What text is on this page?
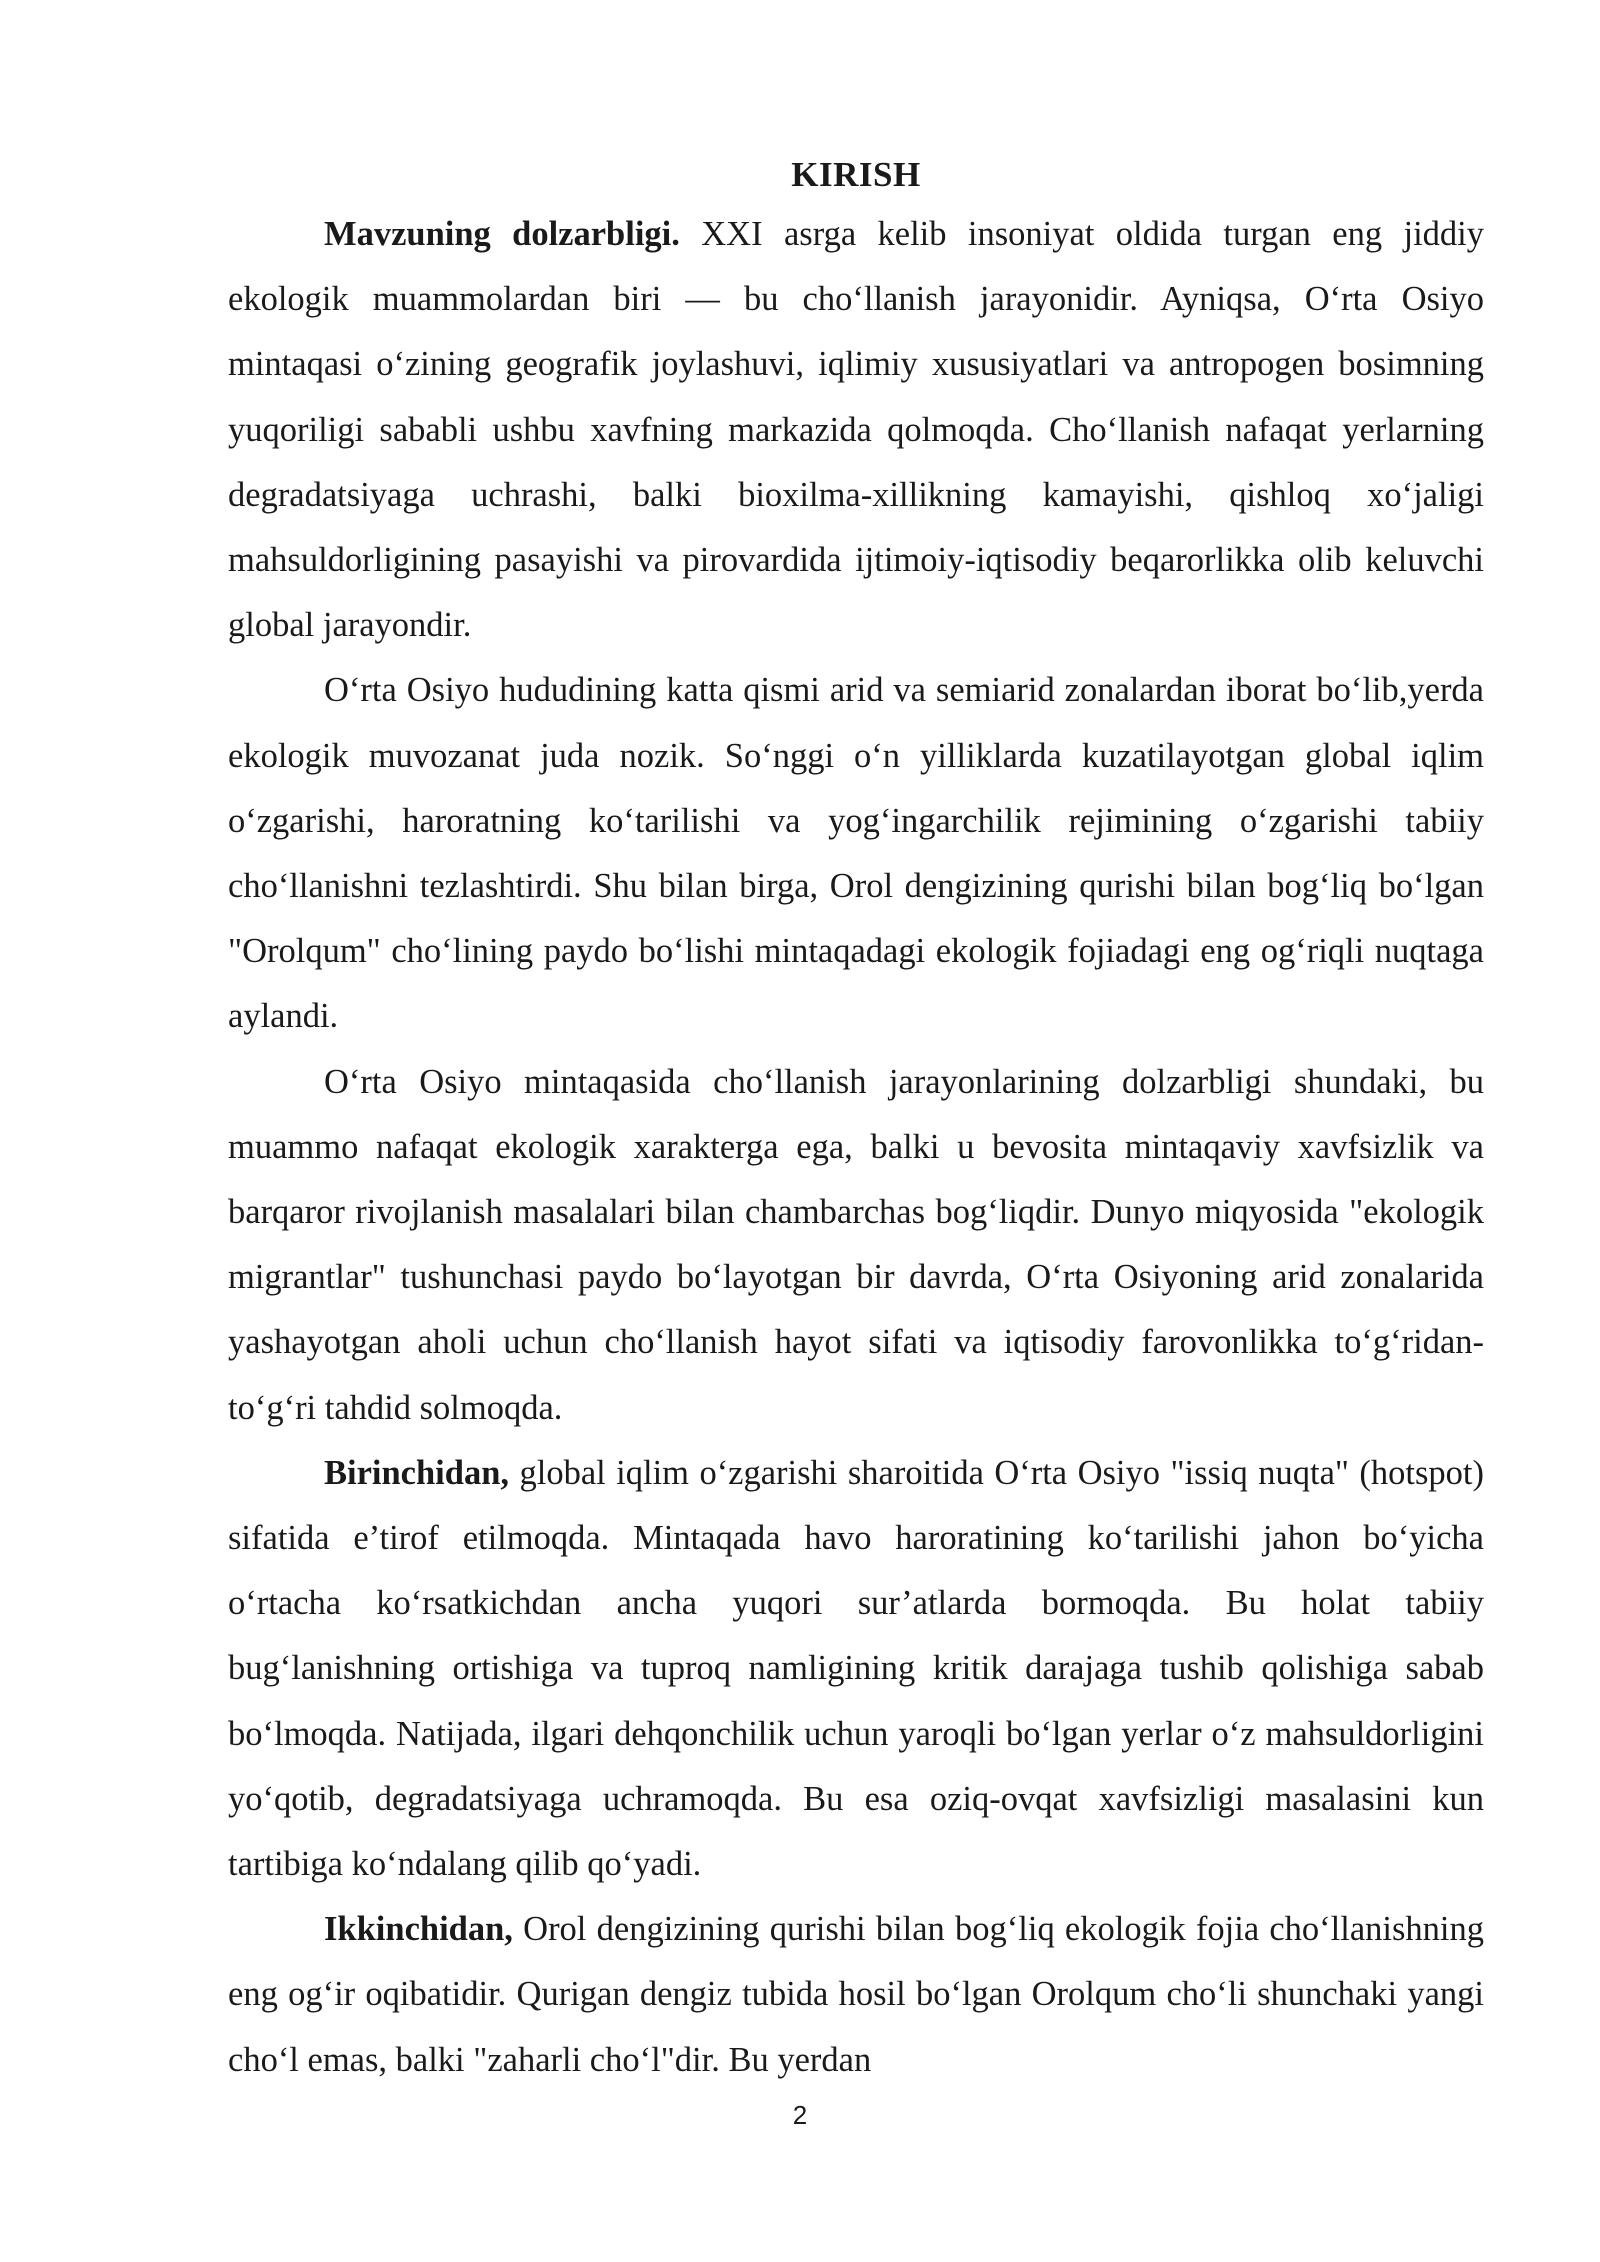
KIRISH

Mavzuning dolzarbligi. XXI asrga kelib insoniyat oldida turgan eng jiddiy ekologik muammolardan biri — bu cho‘llanish jarayonidir. Ayniqsa, O‘rta Osiyo mintaqasi o‘zining geografik joylashuvi, iqlimiy xususiyatlari va antropogen bosimning yuqoriligi sababli ushbu xavfning markazida qolmoqda. Cho‘llanish nafaqat yerlarning degradatsiyaga uchrashi, balki bioxilma-xillikning kamayishi, qishloq xo‘jaligi mahsuldorligining pasayishi va pirovardida ijtimoiy-iqtisodiy beqarorlikka olib keluvchi global jarayondir.

O‘rta Osiyo hududining katta qismi arid va semiarid zonalardan iborat bo‘lib,yerda ekologik muvozanat juda nozik. So‘nggi o‘n yilliklarda kuzatilayotgan global iqlim o‘zgarishi, haroratning ko‘tarilishi va yog‘ingarchilik rejimining o‘zgarishi tabiiy cho‘llanishni tezlashtirdi. Shu bilan birga, Orol dengizining qurishi bilan bog‘liq bo‘lgan "Orolqum" cho‘lining paydo bo‘lishi mintaqadagi ekologik fojiadagi eng og‘riqli nuqtaga aylandi.

O‘rta Osiyo mintaqasida cho‘llanish jarayonlarining dolzarbligi shundaki, bu muammo nafaqat ekologik xarakterga ega, balki u bevosita mintaqaviy xavfsizlik va barqaror rivojlanish masalalari bilan chambarchas bog‘liqdir. Dunyo miqyosida "ekologik migrantlar" tushunchasi paydo bo‘layotgan bir davrda, O‘rta Osiyoning arid zonalarida yashayotgan aholi uchun cho‘llanish hayot sifati va iqtisodiy farovonlikka to‘g‘ridan-to‘g‘ri tahdid solmoqda.

Birinchidan, global iqlim o‘zgarishi sharoitida O‘rta Osiyo "issiq nuqta" (hotspot) sifatida e’tirof etilmoqda. Mintaqada havo haroratining ko‘tarilishi jahon bo‘yicha o‘rtacha ko‘rsatkichdan ancha yuqori sur’atlarda bormoqda. Bu holat tabiiy bug‘lanishning ortishiga va tuproq namligining kritik darajaga tushib qolishiga sabab bo‘lmoqda. Natijada, ilgari dehqonchilik uchun yaroqli bo‘lgan yerlar o‘z mahsuldorligini yo‘qotib, degradatsiyaga uchramoqda. Bu esa oziq-ovqat xavfsizligi masalasini kun tartibiga ko‘ndalang qilib qo‘yadi.

Ikkinchidan, Orol dengizining qurishi bilan bog‘liq ekologik fojia cho‘llanishning eng og‘ir oqibatidir. Qurigan dengiz tubida hosil bo‘lgan Orolqum cho‘li shunchaki yangi cho‘l emas, balki "zaharli cho‘l"dir. Bu yerdan

2
